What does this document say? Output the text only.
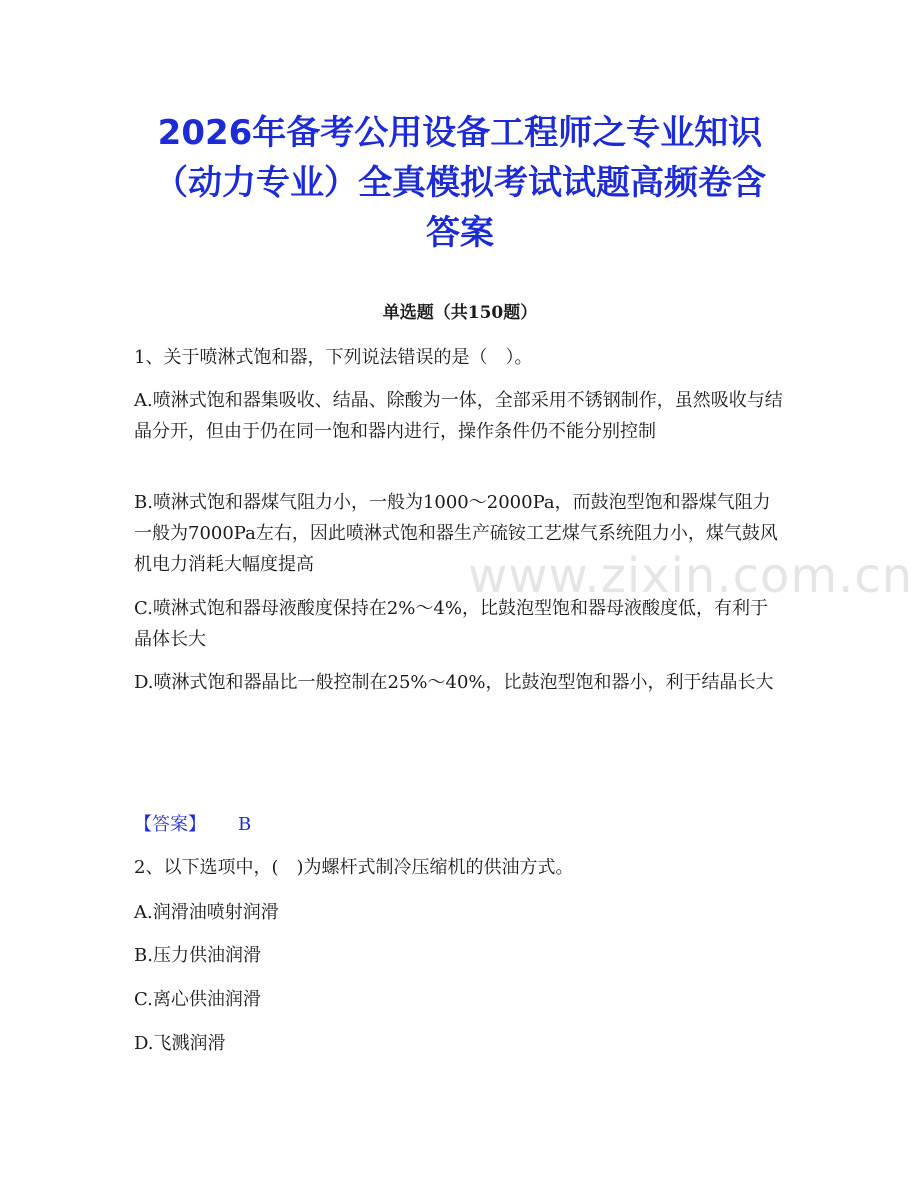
2026年备考公用设备工程师之专业知识
（动力专业）全真模拟考试试题高频卷含
答案

单选题（共150题）

1、关于喷淋式饱和器，下列说法错误的是（　）。

A.喷淋式饱和器集吸收、结晶、除酸为一体，全部采用不锈钢制作，虽然吸收与结晶分开，但由于仍在同一饱和器内进行，操作条件仍不能分别控制

B.喷淋式饱和器煤气阻力小，一般为1000～2000Pa，而鼓泡型饱和器煤气阻力一般为7000Pa左右，因此喷淋式饱和器生产硫铵工艺煤气系统阻力小，煤气鼓风机电力消耗大幅度提高

C.喷淋式饱和器母液酸度保持在2%～4%，比鼓泡型饱和器母液酸度低，有利于晶体长大

D.喷淋式饱和器晶比一般控制在25%～40%，比鼓泡型饱和器小，利于结晶长大

【答案】 B

2、以下选项中，(　)为螺杆式制冷压缩机的供油方式。

A.润滑油喷射润滑

B.压力供油润滑

C.离心供油润滑

D.飞溅润滑

www.zixin.com.cn
